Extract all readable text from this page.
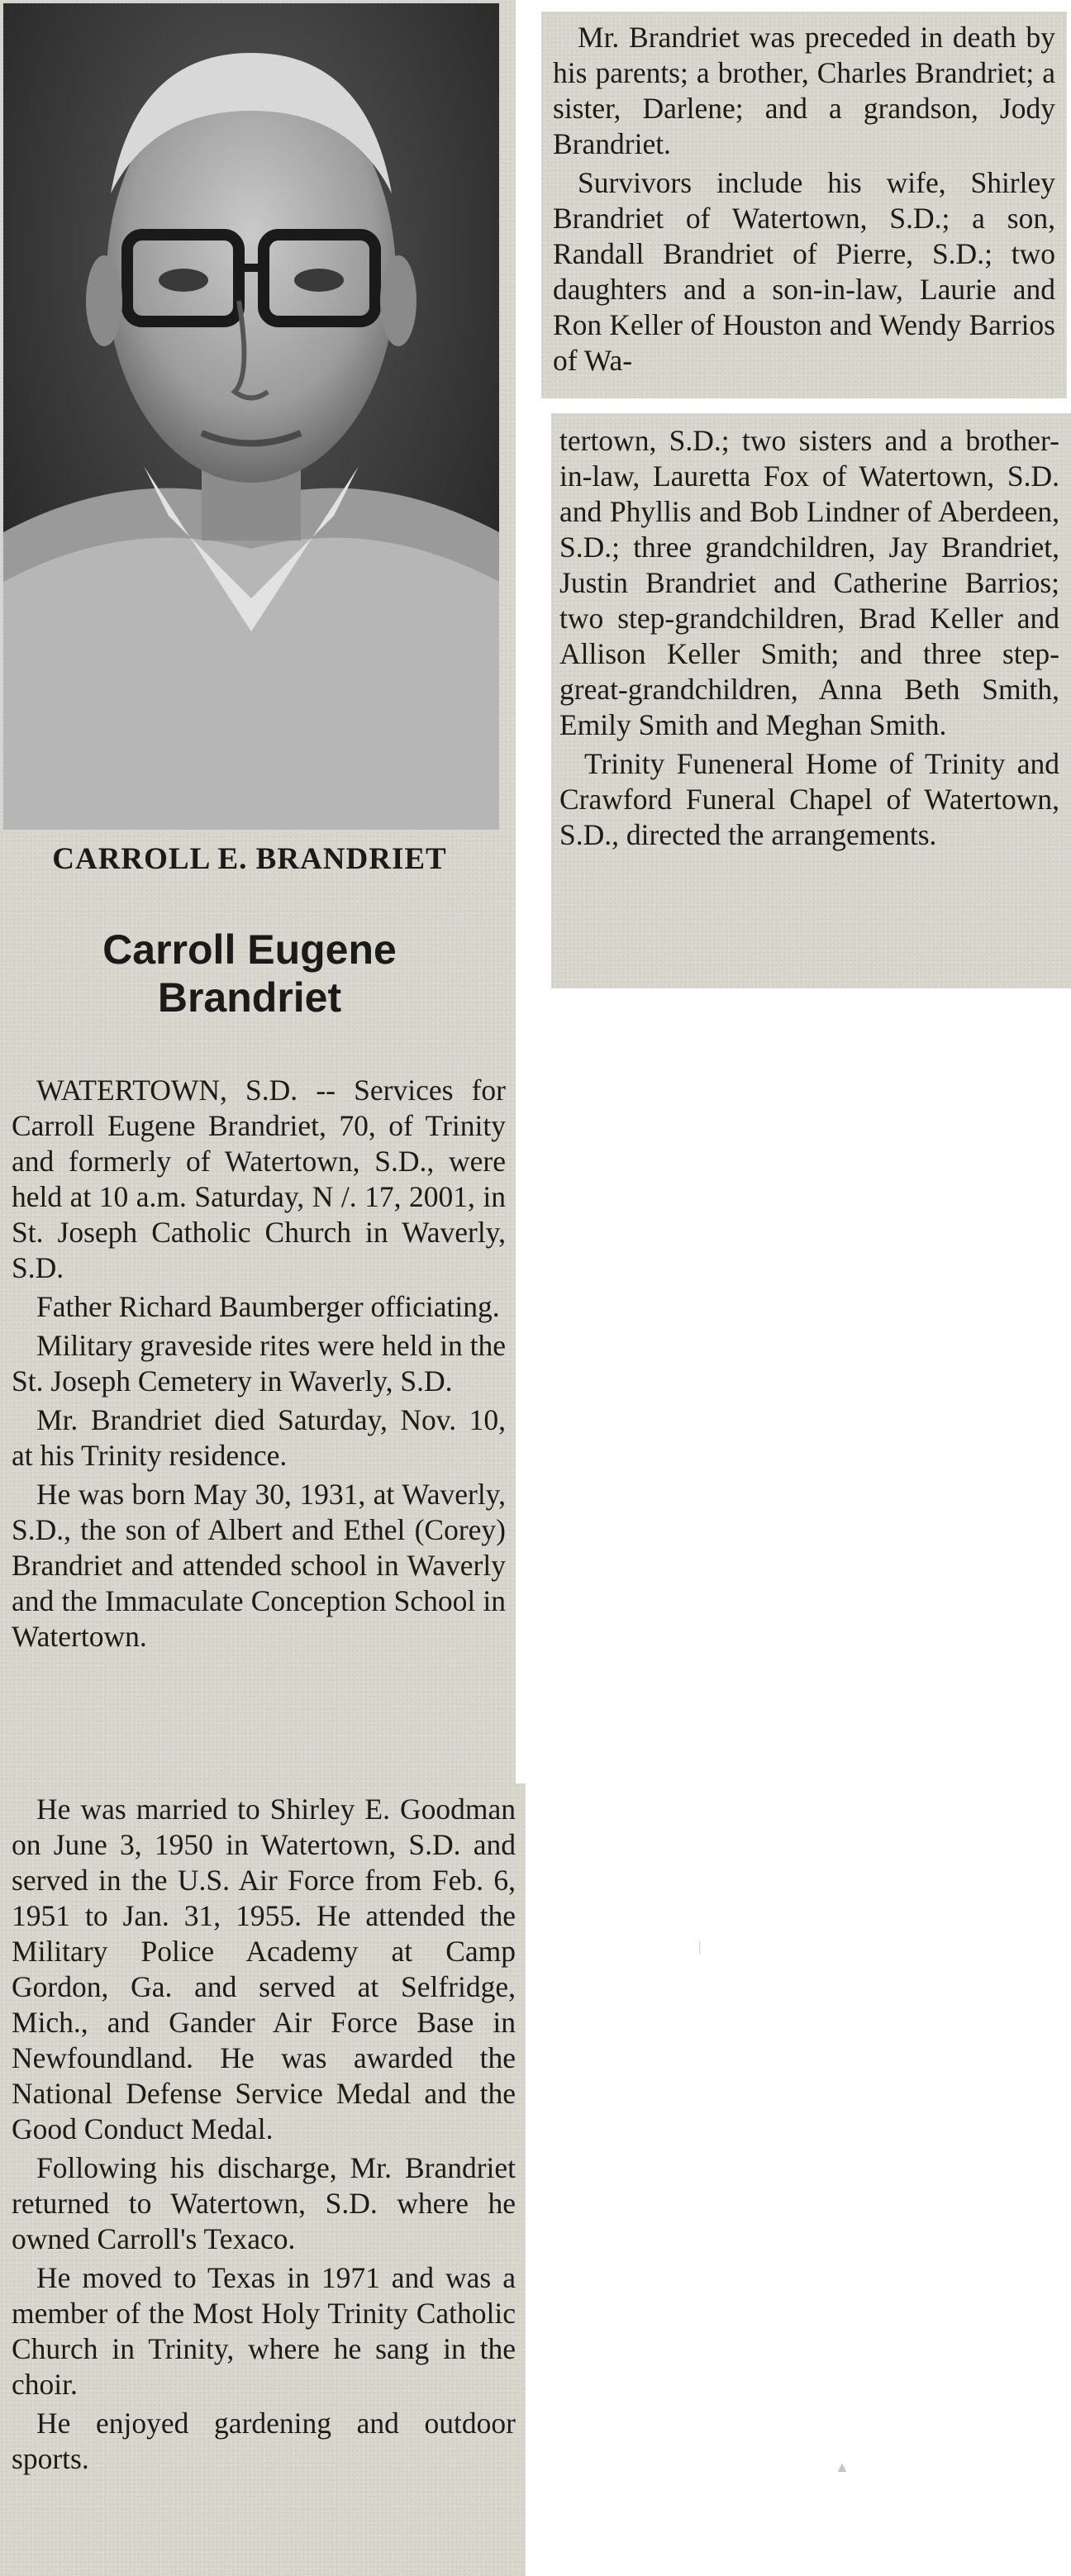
CARROLL E. BRANDRIET
Carroll Eugene
Brandriet

WATERTOWN, S.D. -- Services for Carroll Eugene Brandriet, 70, of Trinity and formerly of Watertown, S.D., were held at 10 a.m. Saturday, N /. 17, 2001, in St. Joseph Catholic Church in Waverly, S.D.

Father Richard Baumberger officiating.

Military graveside rites were held in the St. Joseph Cemetery in Waverly, S.D.

Mr. Brandriet died Saturday, Nov. 10, at his Trinity residence.

He was born May 30, 1931, at Waverly, S.D., the son of Albert and Ethel (Corey) Brandriet and attended school in Waverly and the Immaculate Conception School in Watertown.

He was married to Shirley E. Goodman on June 3, 1950 in Watertown, S.D. and served in the U.S. Air Force from Feb. 6, 1951 to Jan. 31, 1955. He attended the Military Police Academy at Camp Gordon, Ga. and served at Selfridge, Mich., and Gander Air Force Base in Newfoundland. He was awarded the National Defense Service Medal and the Good Conduct Medal.

Following his discharge, Mr. Brandriet returned to Watertown, S.D. where he owned Carroll's Texaco.

He moved to Texas in 1971 and was a member of the Most Holy Trinity Catholic Church in Trinity, where he sang in the choir.

He enjoyed gardening and outdoor sports.

Mr. Brandriet was preceded in death by his parents; a brother, Charles Brandriet; a sister, Darlene; and a grandson, Jody Brandriet.

Survivors include his wife, Shirley Brandriet of Watertown, S.D.; a son, Randall Brandriet of Pierre, S.D.; two daughters and a son-in-law, Laurie and Ron Keller of Houston and Wendy Barrios of Wa-

tertown, S.D.; two sisters and a brother-in-law, Lauretta Fox of Watertown, S.D. and Phyllis and Bob Lindner of Aberdeen, S.D.; three grandchildren, Jay Brandriet, Justin Brandriet and Catherine Barrios; two step-grandchildren, Brad Keller and Allison Keller Smith; and three step-great-grandchildren, Anna Beth Smith, Emily Smith and Meghan Smith.

Trinity Funeneral Home of Trinity and Crawford Funeral Chapel of Watertown, S.D., directed the arrangements.

|
▲
